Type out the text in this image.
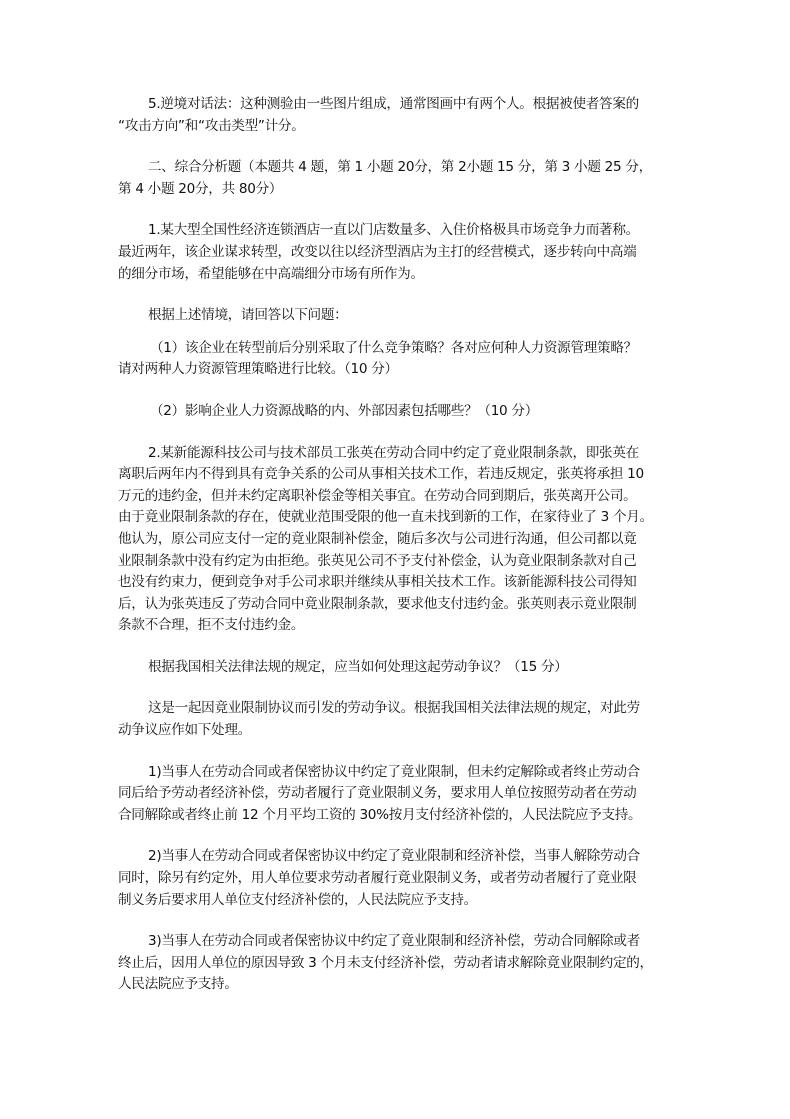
5.逆境对话法：这种测验由一些图片组成，通常图画中有两个人。根据被使者答案的
“攻击方向”和“攻击类型”计分。
二、综合分析题（本题共 4 题，第 1 小题 20分，第 2小题 15 分，第 3 小题 25 分，
第 4 小题 20分，共 80分）
1.某大型全国性经济连锁酒店一直以门店数量多、入住价格极具市场竞争力而著称。
最近两年，该企业谋求转型，改变以往以经济型酒店为主打的经营模式，逐步转向中高端
的细分市场，希望能够在中高端细分市场有所作为。
根据上述情境，请回答以下问题：
（1）该企业在转型前后分别采取了什么竞争策略？各对应何种人力资源管理策略？
请对两种人力资源管理策略进行比较。（10 分）
（2）影响企业人力资源战略的内、外部因素包括哪些？（10 分）
2.某新能源科技公司与技术部员工张英在劳动合同中约定了竟业限制条款，即张英在
离职后两年内不得到具有竞争关系的公司从事相关技术工作，若违反规定，张英将承担 10
万元的违约金，但并未约定离职补偿金等相关事宜。在劳动合同到期后，张英离开公司。
由于竟业限制条款的存在，使就业范围受限的他一直未找到新的工作，在家待业了 3 个月。
他认为，原公司应支付一定的竟业限制补偿金，随后多次与公司进行沟通，但公司都以竟
业限制条款中没有约定为由拒绝。张英见公司不予支付补偿金，认为竟业限制条款对自己
也没有约束力，便到竞争对手公司求职并继续从事相关技术工作。该新能源科技公司得知
后，认为张英违反了劳动合同中竟业限制条款，要求他支付违约金。张英则表示竟业限制
条款不合理，拒不支付违约金。
根据我国相关法律法规的规定，应当如何处理这起劳动争议？（15 分）
这是一起因竟业限制协议而引发的劳动争议。根据我国相关法律法规的规定，对此劳
动争议应作如下处理。
1)当事人在劳动合同或者保密协议中约定了竟业限制，但未约定解除或者终止劳动合
同后给予劳动者经济补偿，劳动者履行了竟业限制义务，要求用人单位按照劳动者在劳动
合同解除或者终止前 12 个月平均工资的 30%按月支付经济补偿的，人民法院应予支持。
2)当事人在劳动合同或者保密协议中约定了竟业限制和经济补偿，当事人解除劳动合
同时，除另有约定外，用人单位要求劳动者履行竟业限制义务，或者劳动者履行了竟业限
制义务后要求用人单位支付经济补偿的，人民法院应予支持。
3)当事人在劳动合同或者保密协议中约定了竟业限制和经济补偿，劳动合同解除或者
终止后，因用人单位的原因导致 3 个月未支付经济补偿，劳动者请求解除竟业限制约定的，
人民法院应予支持。
